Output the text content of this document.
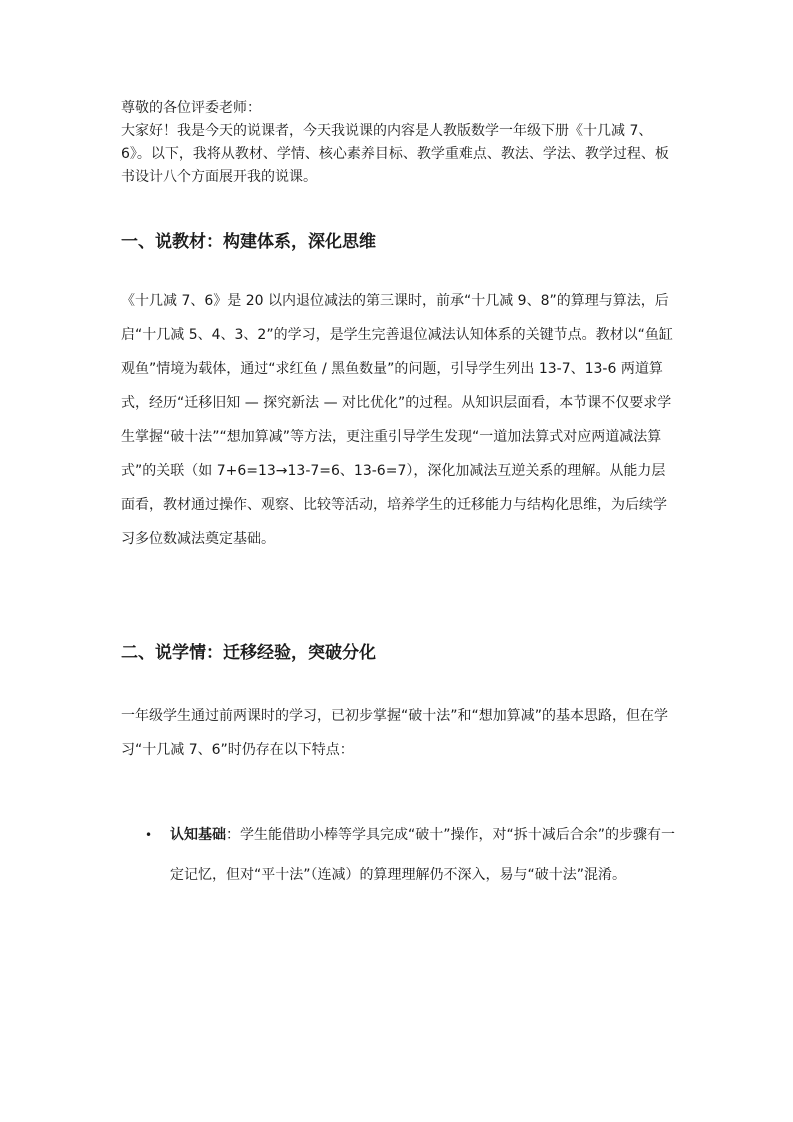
尊敬的各位评委老师：

大家好！我是今天的说课者，今天我说课的内容是人教版数学一年级下册《十几减 7、6》。以下，我将从教材、学情、核心素养目标、教学重难点、教法、学法、教学过程、板书设计八个方面展开我的说课。

一、说教材：构建体系，深化思维

《十几减 7、6》是 20 以内退位减法的第三课时，前承“十几减 9、8”的算理与算法，后启“十几减 5、4、3、2”的学习，是学生完善退位减法认知体系的关键节点。教材以“鱼缸观鱼”情境为载体，通过“求红鱼 / 黑鱼数量”的问题，引导学生列出 13-7、13-6 两道算式，经历“迁移旧知 — 探究新法 — 对比优化”的过程。从知识层面看，本节课不仅要求学生掌握“破十法”“想加算减”等方法，更注重引导学生发现“一道加法算式对应两道减法算式”的关联（如 7+6=13→13-7=6、13-6=7），深化加减法互逆关系的理解。从能力层面看，教材通过操作、观察、比较等活动，培养学生的迁移能力与结构化思维，为后续学习多位数减法奠定基础。

二、说学情：迁移经验，突破分化

一年级学生通过前两课时的学习，已初步掌握“破十法”和“想加算减”的基本思路，但在学习“十几减 7、6”时仍存在以下特点：

• 认知基础：学生能借助小棒等学具完成“破十”操作，对“拆十减后合余”的步骤有一定记忆，但对“平十法”（连减）的算理理解仍不深入，易与“破十法”混淆。
